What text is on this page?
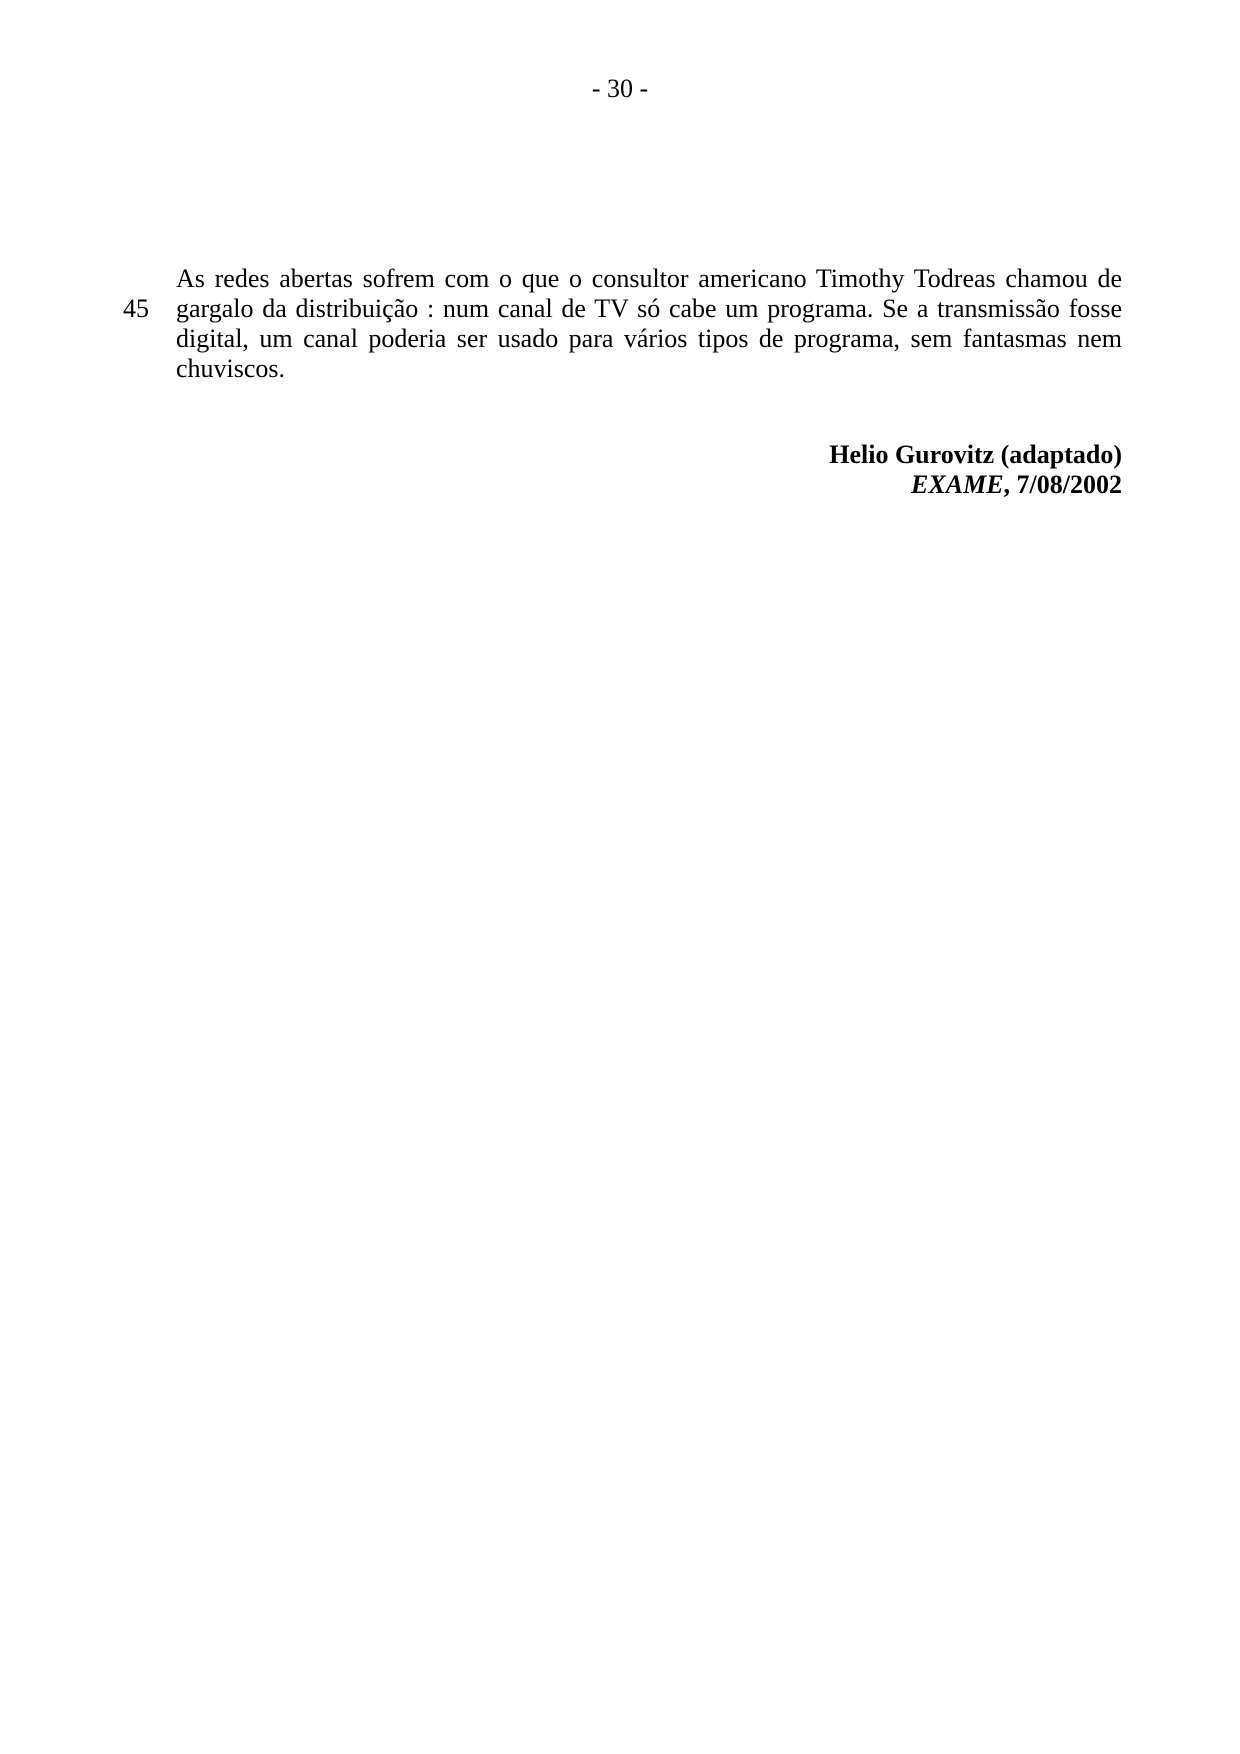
- 30 -
45
As redes abertas sofrem com o que o consultor americano Timothy Todreas chamou de
gargalo da distribuição : num canal de TV só cabe um programa. Se a transmissão fosse
digital, um canal poderia ser usado para vários tipos de programa, sem fantasmas nem
chuviscos.
Helio Gurovitz (adaptado)
EXAME, 7/08/2002
